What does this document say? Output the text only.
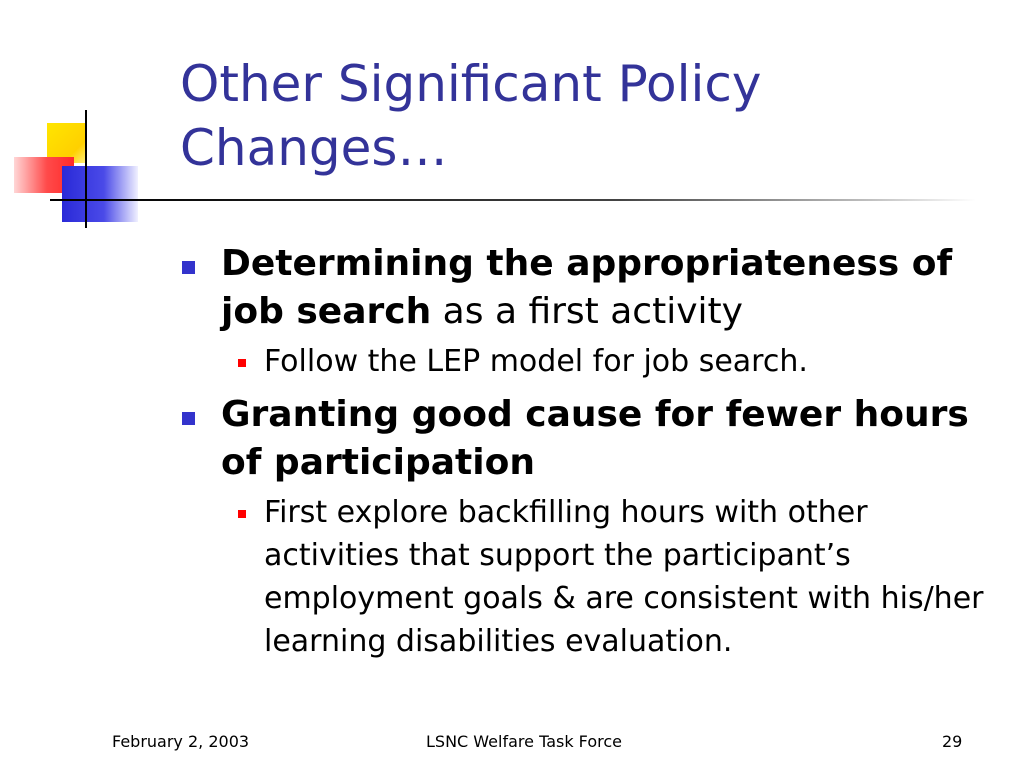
Other Significant Policy Changes…
Determining the appropriateness of job search as a first activity
Follow the LEP model for job search.
Granting good cause for fewer hours of participation
First explore backfilling hours with other activities that support the participant’s employment goals & are consistent with his/her learning disabilities evaluation.
February 2, 2003	LSNC Welfare Task Force	29
